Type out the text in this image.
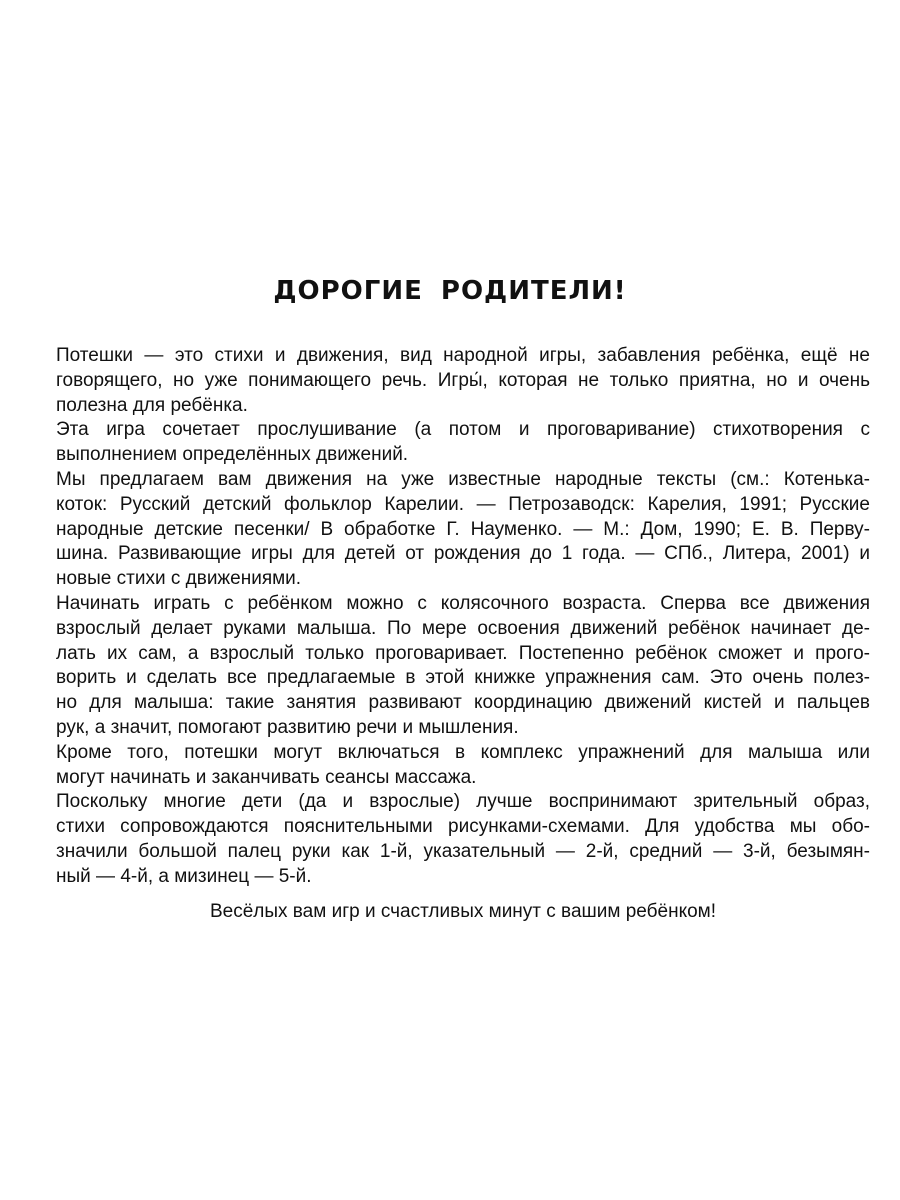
ДОРОГИЕ РОДИТЕЛИ!

Потешки — это стихи и движения, вид народной игры, забавления ребёнка, ещё не
говорящего, но уже понимающего речь. Игры́, которая не только приятна, но и очень
полезна для ребёнка.

Эта игра сочетает прослушивание (а потом и проговаривание) стихотворения с
выполнением определённых движений.

Мы предлагаем вам движения на уже известные народные тексты (см.: Котенька-
коток: Русский детский фольклор Карелии. — Петрозаводск: Карелия, 1991; Русские
народные детские песенки/ В обработке Г. Науменко. — М.: Дом, 1990; Е. В. Перву-
шина. Развивающие игры для детей от рождения до 1 года. — СПб., Литера, 2001) и
новые стихи с движениями.

Начинать играть с ребёнком можно с колясочного возраста. Сперва все движения
взрослый делает руками малыша. По мере освоения движений ребёнок начинает де-
лать их сам, а взрослый только проговаривает. Постепенно ребёнок сможет и прого-
ворить и сделать все предлагаемые в этой книжке упражнения сам. Это очень полез-
но для малыша: такие занятия развивают координацию движений кистей и пальцев
рук, а значит, помогают развитию речи и мышления.

Кроме того, потешки могут включаться в комплекс упражнений для малыша или
могут начинать и заканчивать сеансы массажа.

Поскольку многие дети (да и взрослые) лучше воспринимают зрительный образ,
стихи сопровождаются пояснительными рисунками-схемами. Для удобства мы обо-
значили большой палец руки как 1-й, указательный — 2-й, средний — 3-й, безымян-
ный — 4-й, а мизинец — 5-й.

Весёлых вам игр и счастливых минут с вашим ребёнком!
